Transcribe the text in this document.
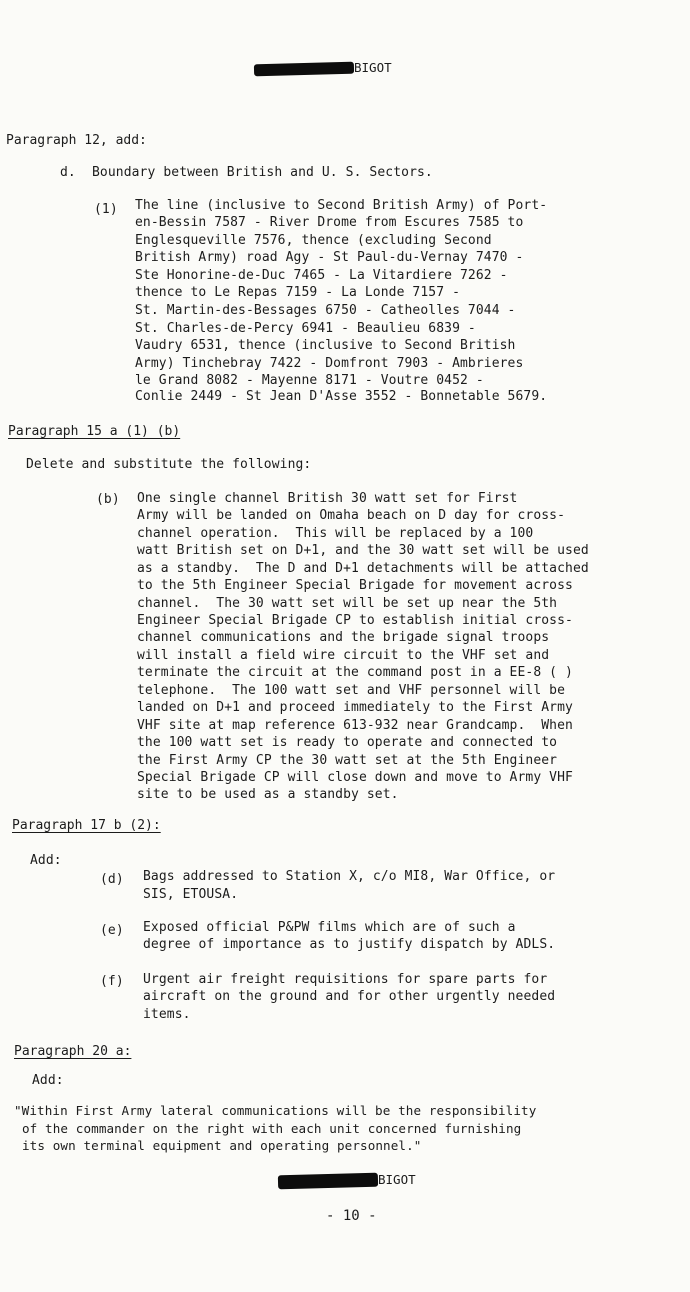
BIGOT
Paragraph 12, add:
d. Boundary between British and U. S. Sectors.
(1) The line (inclusive to Second British Army) of Port-
en-Bessin 7587 - River Drome from Escures 7585 to
Englesqueville 7576, thence (excluding Second
British Army) road Agy - St Paul-du-Vernay 7470 -
Ste Honorine-de-Duc 7465 - La Vitardiere 7262 -
thence to Le Repas 7159 - La Londe 7157 -
St. Martin-des-Bessages 6750 - Catheolles 7044 -
St. Charles-de-Percy 6941 - Beaulieu 6839 -
Vaudry 6531, thence (inclusive to Second British
Army) Tinchebray 7422 - Domfront 7903 - Ambrieres
le Grand 8082 - Mayenne 8171 - Voutre 0452 -
Conlie 2449 - St Jean D'Asse 3552 - Bonnetable 5679.
Paragraph 15 a (1) (b)
Delete and substitute the following:
(b) One single channel British 30 watt set for First
Army will be landed on Omaha beach on D day for cross-
channel operation.  This will be replaced by a 100
watt British set on D+1, and the 30 watt set will be used
as a standby.  The D and D+1 detachments will be attached
to the 5th Engineer Special Brigade for movement across
channel.  The 30 watt set will be set up near the 5th
Engineer Special Brigade CP to establish initial cross-
channel communications and the brigade signal troops
will install a field wire circuit to the VHF set and
terminate the circuit at the command post in a EE-8 ( )
telephone.  The 100 watt set and VHF personnel will be
landed on D+1 and proceed immediately to the First Army
VHF site at map reference 613-932 near Grandcamp.  When
the 100 watt set is ready to operate and connected to
the First Army CP the 30 watt set at the 5th Engineer
Special Brigade CP will close down and move to Army VHF
site to be used as a standby set.
Paragraph 17 b (2):
Add:
(d) Bags addressed to Station X, c/o MI8, War Office, or
SIS, ETOUSA.
(e) Exposed official P&PW films which are of such a
degree of importance as to justify dispatch by ADLS.
(f) Urgent air freight requisitions for spare parts for
aircraft on the ground and for other urgently needed
items.
Paragraph 20 a:
Add:
"Within First Army lateral communications will be the responsibility
of the commander on the right with each unit concerned furnishing
its own terminal equipment and operating personnel."
BIGOT
- 10 -
